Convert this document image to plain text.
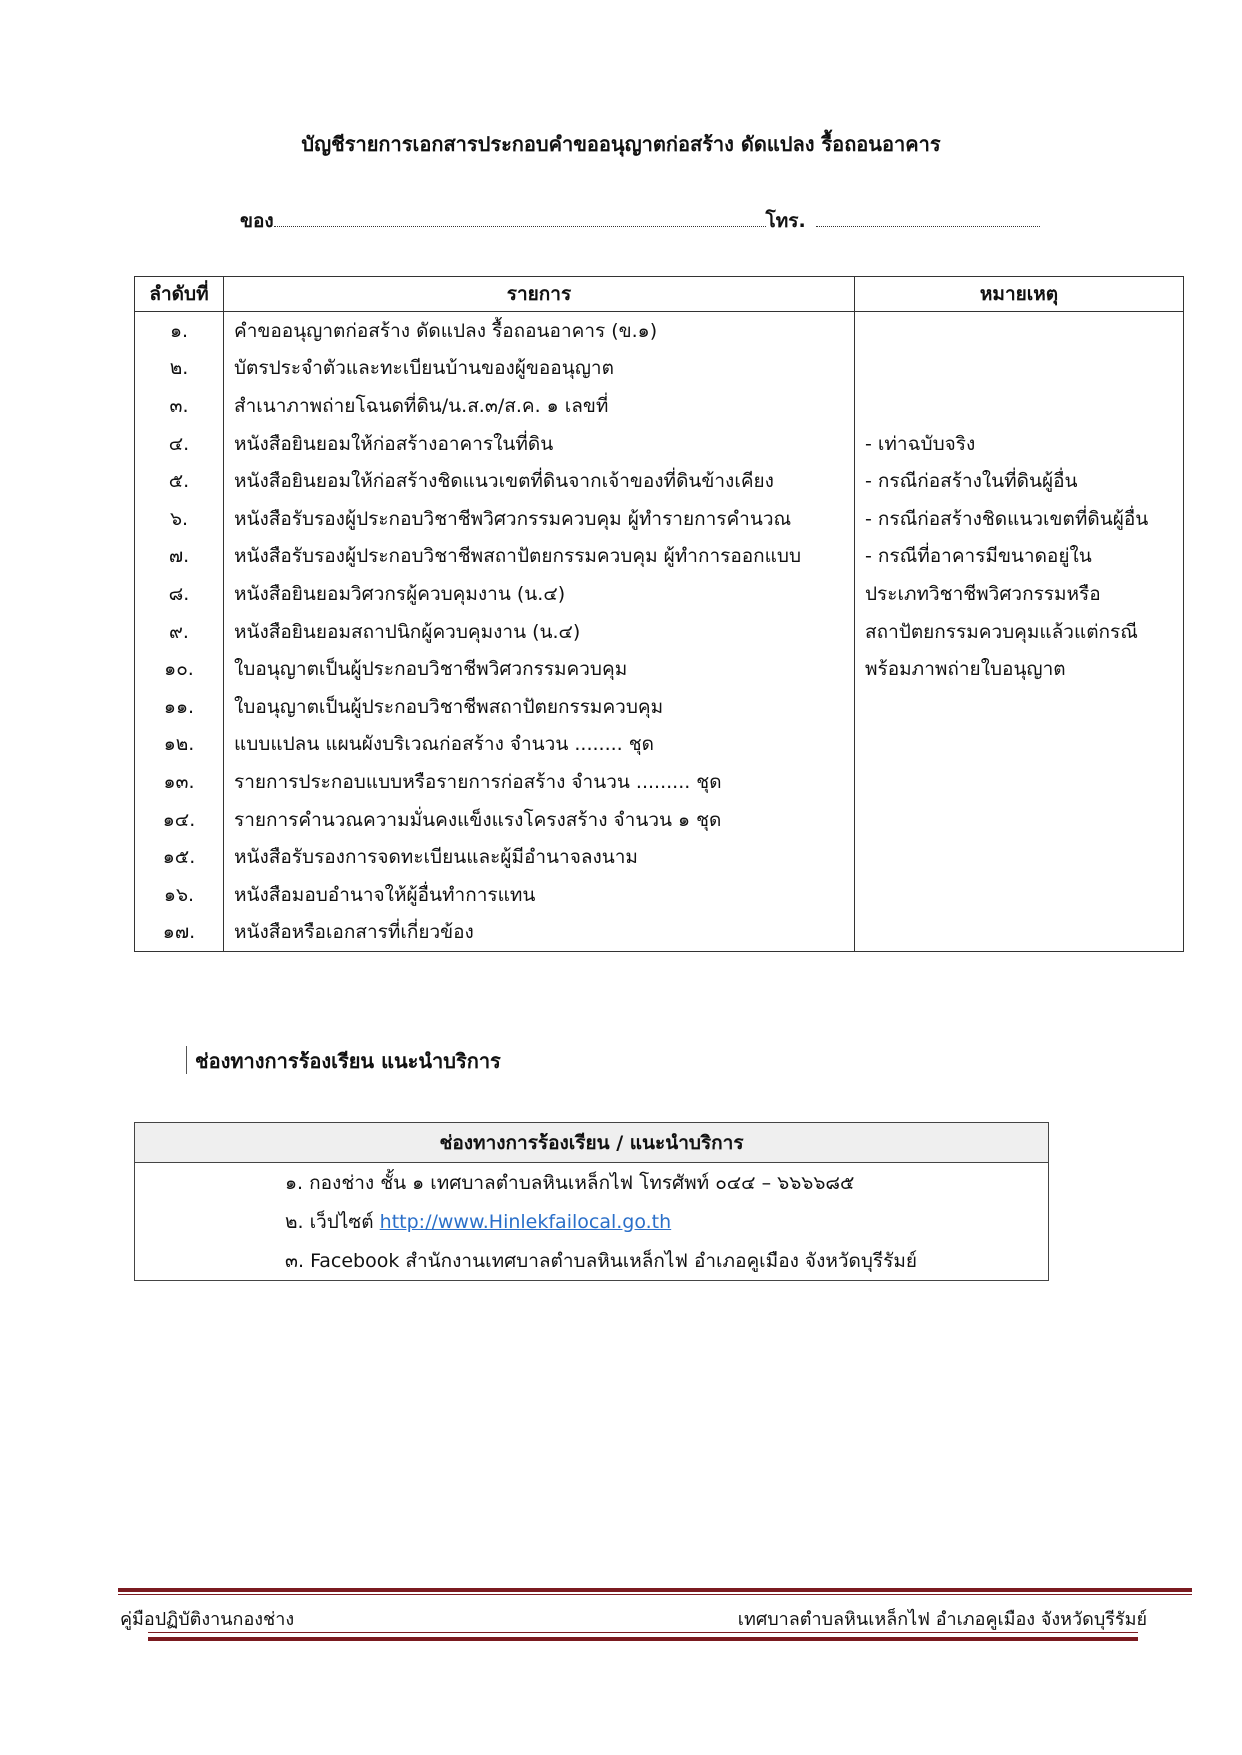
บัญชีรายการเอกสารประกอบคำขออนุญาตก่อสร้าง ดัดแปลง รื้อถอนอาคาร
ของ	โทร.
ลำดับที่	รายการ	หมายเหตุ
๑.	คำขออนุญาตก่อสร้าง ดัดแปลง รื้อถอนอาคาร (ข.๑)	
๒.	บัตรประจำตัวและทะเบียนบ้านของผู้ขออนุญาต	
๓.	สำเนาภาพถ่ายโฉนดที่ดิน/น.ส.๓/ส.ค. ๑ เลขที่	
๔.	หนังสือยินยอมให้ก่อสร้างอาคารในที่ดิน	- เท่าฉบับจริง
๕.	หนังสือยินยอมให้ก่อสร้างชิดแนวเขตที่ดินจากเจ้าของที่ดินข้างเคียง	- กรณีก่อสร้างในที่ดินผู้อื่น
๖.	หนังสือรับรองผู้ประกอบวิชาชีพวิศวกรรมควบคุม ผู้ทำรายการคำนวณ	- กรณีก่อสร้างชิดแนวเขตที่ดินผู้อื่น
๗.	หนังสือรับรองผู้ประกอบวิชาชีพสถาปัตยกรรมควบคุม ผู้ทำการออกแบบ	- กรณีที่อาคารมีขนาดอยู่ใน
๘.	หนังสือยินยอมวิศวกรผู้ควบคุมงาน (น.๔)	ประเภทวิชาชีพวิศวกรรมหรือ
๙.	หนังสือยินยอมสถาปนิกผู้ควบคุมงาน (น.๔)	สถาปัตยกรรมควบคุมแล้วแต่กรณี
๑๐.	ใบอนุญาตเป็นผู้ประกอบวิชาชีพวิศวกรรมควบคุม	พร้อมภาพถ่ายใบอนุญาต
๑๑.	ใบอนุญาตเป็นผู้ประกอบวิชาชีพสถาปัตยกรรมควบคุม	
๑๒.	แบบแปลน แผนผังบริเวณก่อสร้าง จำนวน ........ ชุด	
๑๓.	รายการประกอบแบบหรือรายการก่อสร้าง จำนวน ......... ชุด	
๑๔.	รายการคำนวณความมั่นคงแข็งแรงโครงสร้าง จำนวน ๑ ชุด	
๑๕.	หนังสือรับรองการจดทะเบียนและผู้มีอำนาจลงนาม	
๑๖.	หนังสือมอบอำนาจให้ผู้อื่นทำการแทน	
๑๗.	หนังสือหรือเอกสารที่เกี่ยวข้อง	
ช่องทางการร้องเรียน แนะนำบริการ
ช่องทางการร้องเรียน / แนะนำบริการ
๑. กองช่าง ชั้น ๑ เทศบาลตำบลหินเหล็กไฟ โทรศัพท์ ๐๔๔ – ๖๖๖๖๘๕
๒. เว็ปไซต์ http://www.Hinlekfailocal.go.th
๓. Facebook สำนักงานเทศบาลตำบลหินเหล็กไฟ อำเภอคูเมือง จังหวัดบุรีรัมย์
คู่มือปฏิบัติงานกองช่าง	เทศบาลตำบลหินเหล็กไฟ อำเภอคูเมือง จังหวัดบุรีรัมย์
